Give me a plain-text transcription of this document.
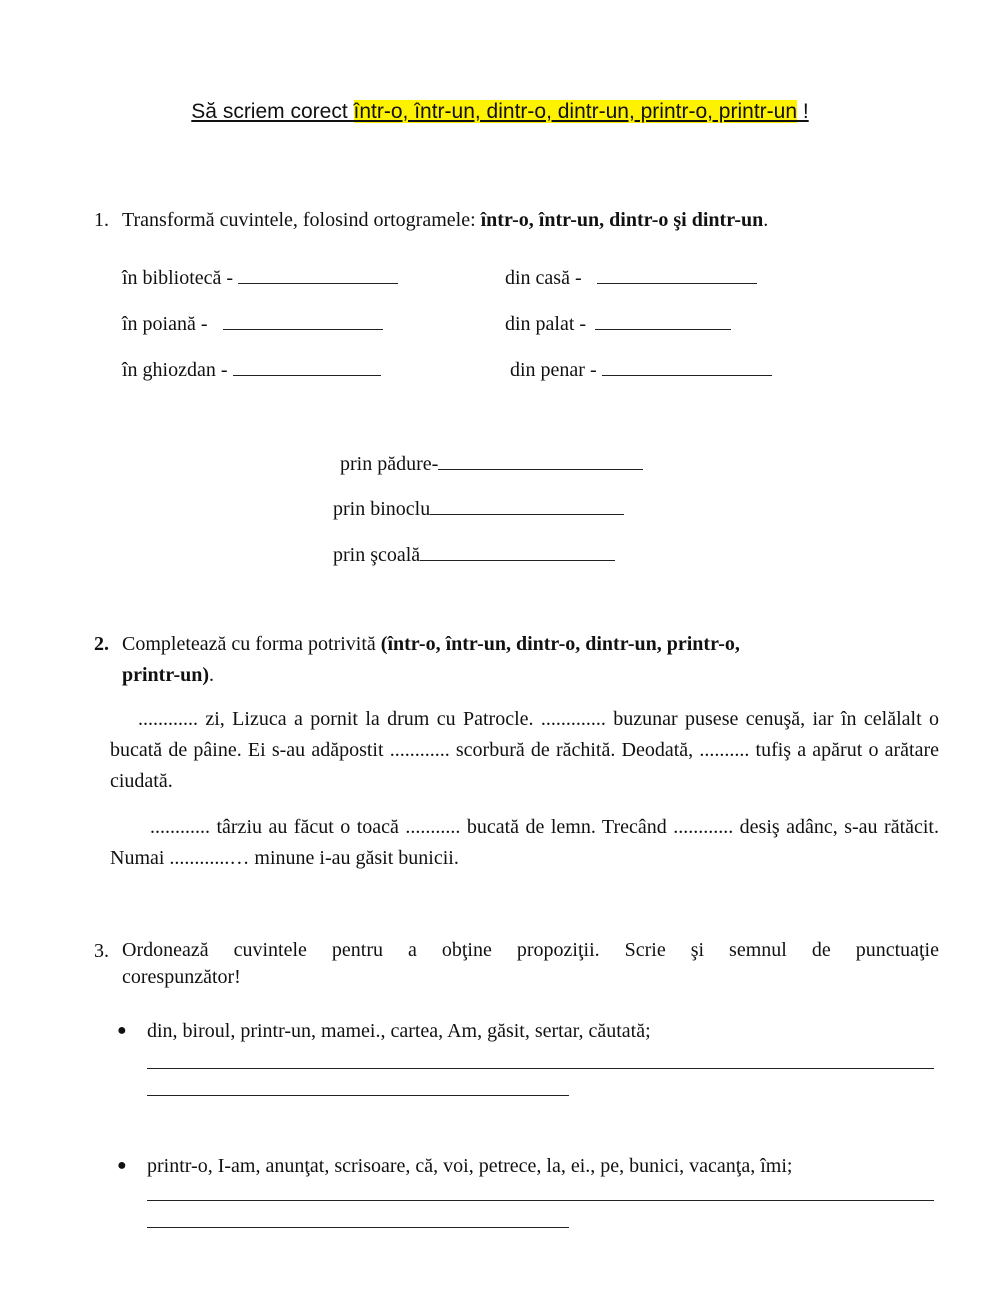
Să scriem corect într-o, într-un, dintr-o, dintr-un, printr-o, printr-un !
1. Transformă cuvintele, folosind ortogramele: într-o, într-un, dintr-o şi dintr-un.
în bibliotecă -
în poiană -
în ghiozdan -
din casă -
din palat -
din penar -
prin pădure-
prin binoclu
prin şcoală
2. Completează cu forma potrivită (într-o, într-un, dintr-o, dintr-un, printr-o,
printr-un).
............ zi, Lizuca a pornit la drum cu Patrocle. ............. buzunar pusese cenuşă, iar în celălalt o bucată de pâine. Ei s-au adăpostit ............ scorbură de răchită. Deodată, .......... tufiş a apărut o arătare ciudată.
............ târziu au făcut o toacă ........... bucată de lemn. Trecând ............ desiş adânc, s-au rătăcit. Numai ............… minune i-au găsit bunicii.
3. Ordonează cuvintele pentru a obţine propoziţii. Scrie şi semnul de punctuaţie
corespunzător!
● din, biroul, printr-un, mamei., cartea, Am, găsit, sertar, căutată;
● printr-o, I-am, anunţat, scrisoare, că, voi, petrece, la, ei., pe, bunici, vacanţa, îmi;
